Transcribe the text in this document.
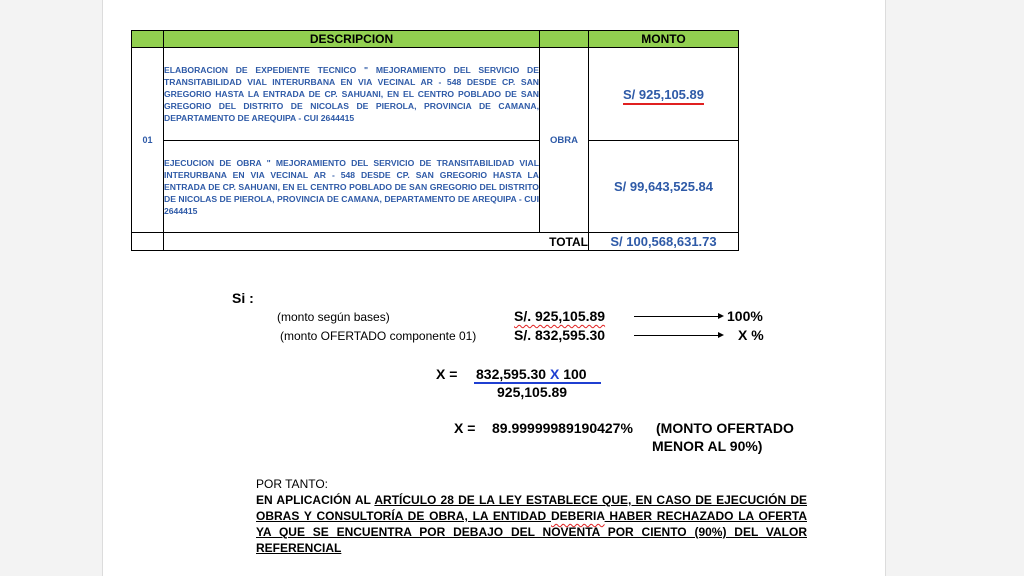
	DESCRIPCION		MONTO
01	ELABORACION DE EXPEDIENTE TECNICO " MEJORAMIENTO DEL SERVICIO DE TRANSITABILIDAD VIAL INTERURBANA EN VIA VECINAL AR - 548 DESDE CP. SAN GREGORIO HASTA LA ENTRADA DE CP. SAHUANI, EN EL CENTRO POBLADO DE SAN GREGORIO DEL DISTRITO DE NICOLAS DE PIEROLA, PROVINCIA DE CAMANA, DEPARTAMENTO DE AREQUIPA - CUI 2644415	OBRA	S/ 925,105.89
	EJECUCION DE OBRA " MEJORAMIENTO DEL SERVICIO DE TRANSITABILIDAD VIAL INTERURBANA EN VIA VECINAL AR - 548 DESDE CP. SAN GREGORIO HASTA LA ENTRADA DE CP. SAHUANI, EN EL CENTRO POBLADO DE SAN GREGORIO DEL DISTRITO DE NICOLAS DE PIEROLA, PROVINCIA DE CAMANA, DEPARTAMENTO DE AREQUIPA - CUI 2644415		S/ 99,643,525.84
	TOTAL		S/ 100,568,631.73
Si :
(monto según bases)	S/. 925,105.89	100%
(monto OFERTADO componente 01)	S/. 832,595.30	X %
X = 832,595.30 X 100
925,105.89
X = 89.99999989190427% (MONTO OFERTADO
MENOR AL 90%)
POR TANTO:
EN APLICACIÓN AL ARTÍCULO 28 DE LA LEY ESTABLECE QUE, EN CASO DE EJECUCIÓN DE OBRAS Y CONSULTORÍA DE OBRA, LA ENTIDAD DEBERIA HABER RECHAZADO LA OFERTA YA QUE SE ENCUENTRA POR DEBAJO DEL NOVENTA POR CIENTO (90%) DEL VALOR REFERENCIAL
